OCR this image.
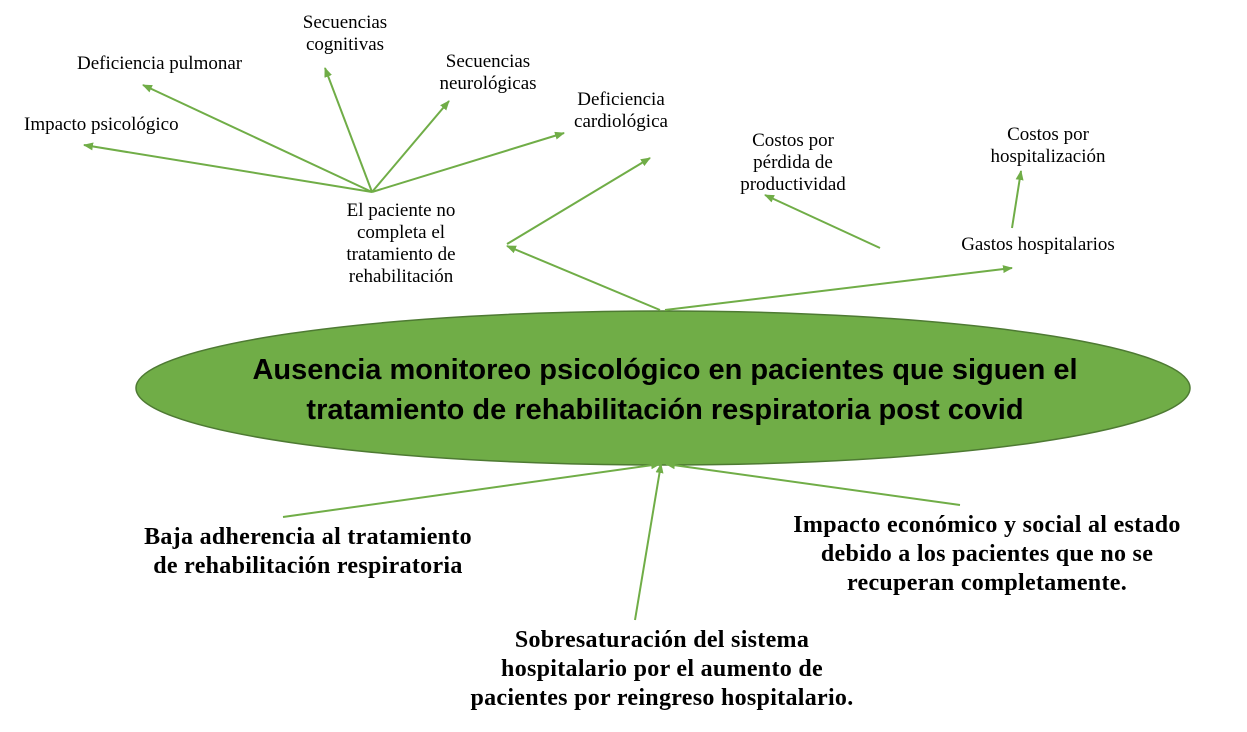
Ausencia monitoreo psicológico en pacientes que siguen el
tratamiento de rehabilitación respiratoria post covid
El paciente no
completa el
tratamiento de
rehabilitación
Impacto psicológico
Deficiencia pulmonar
Secuencias
cognitivas
Secuencias
neurológicas
Deficiencia
cardiológica
Costos por
pérdida de
productividad
Costos por
hospitalización
Gastos hospitalarios
Baja adherencia al tratamiento
de rehabilitación respiratoria
Sobresaturación del sistema
hospitalario por el aumento de
pacientes por reingreso hospitalario.
Impacto económico y social al estado
debido a los pacientes que no se
recuperan completamente.
